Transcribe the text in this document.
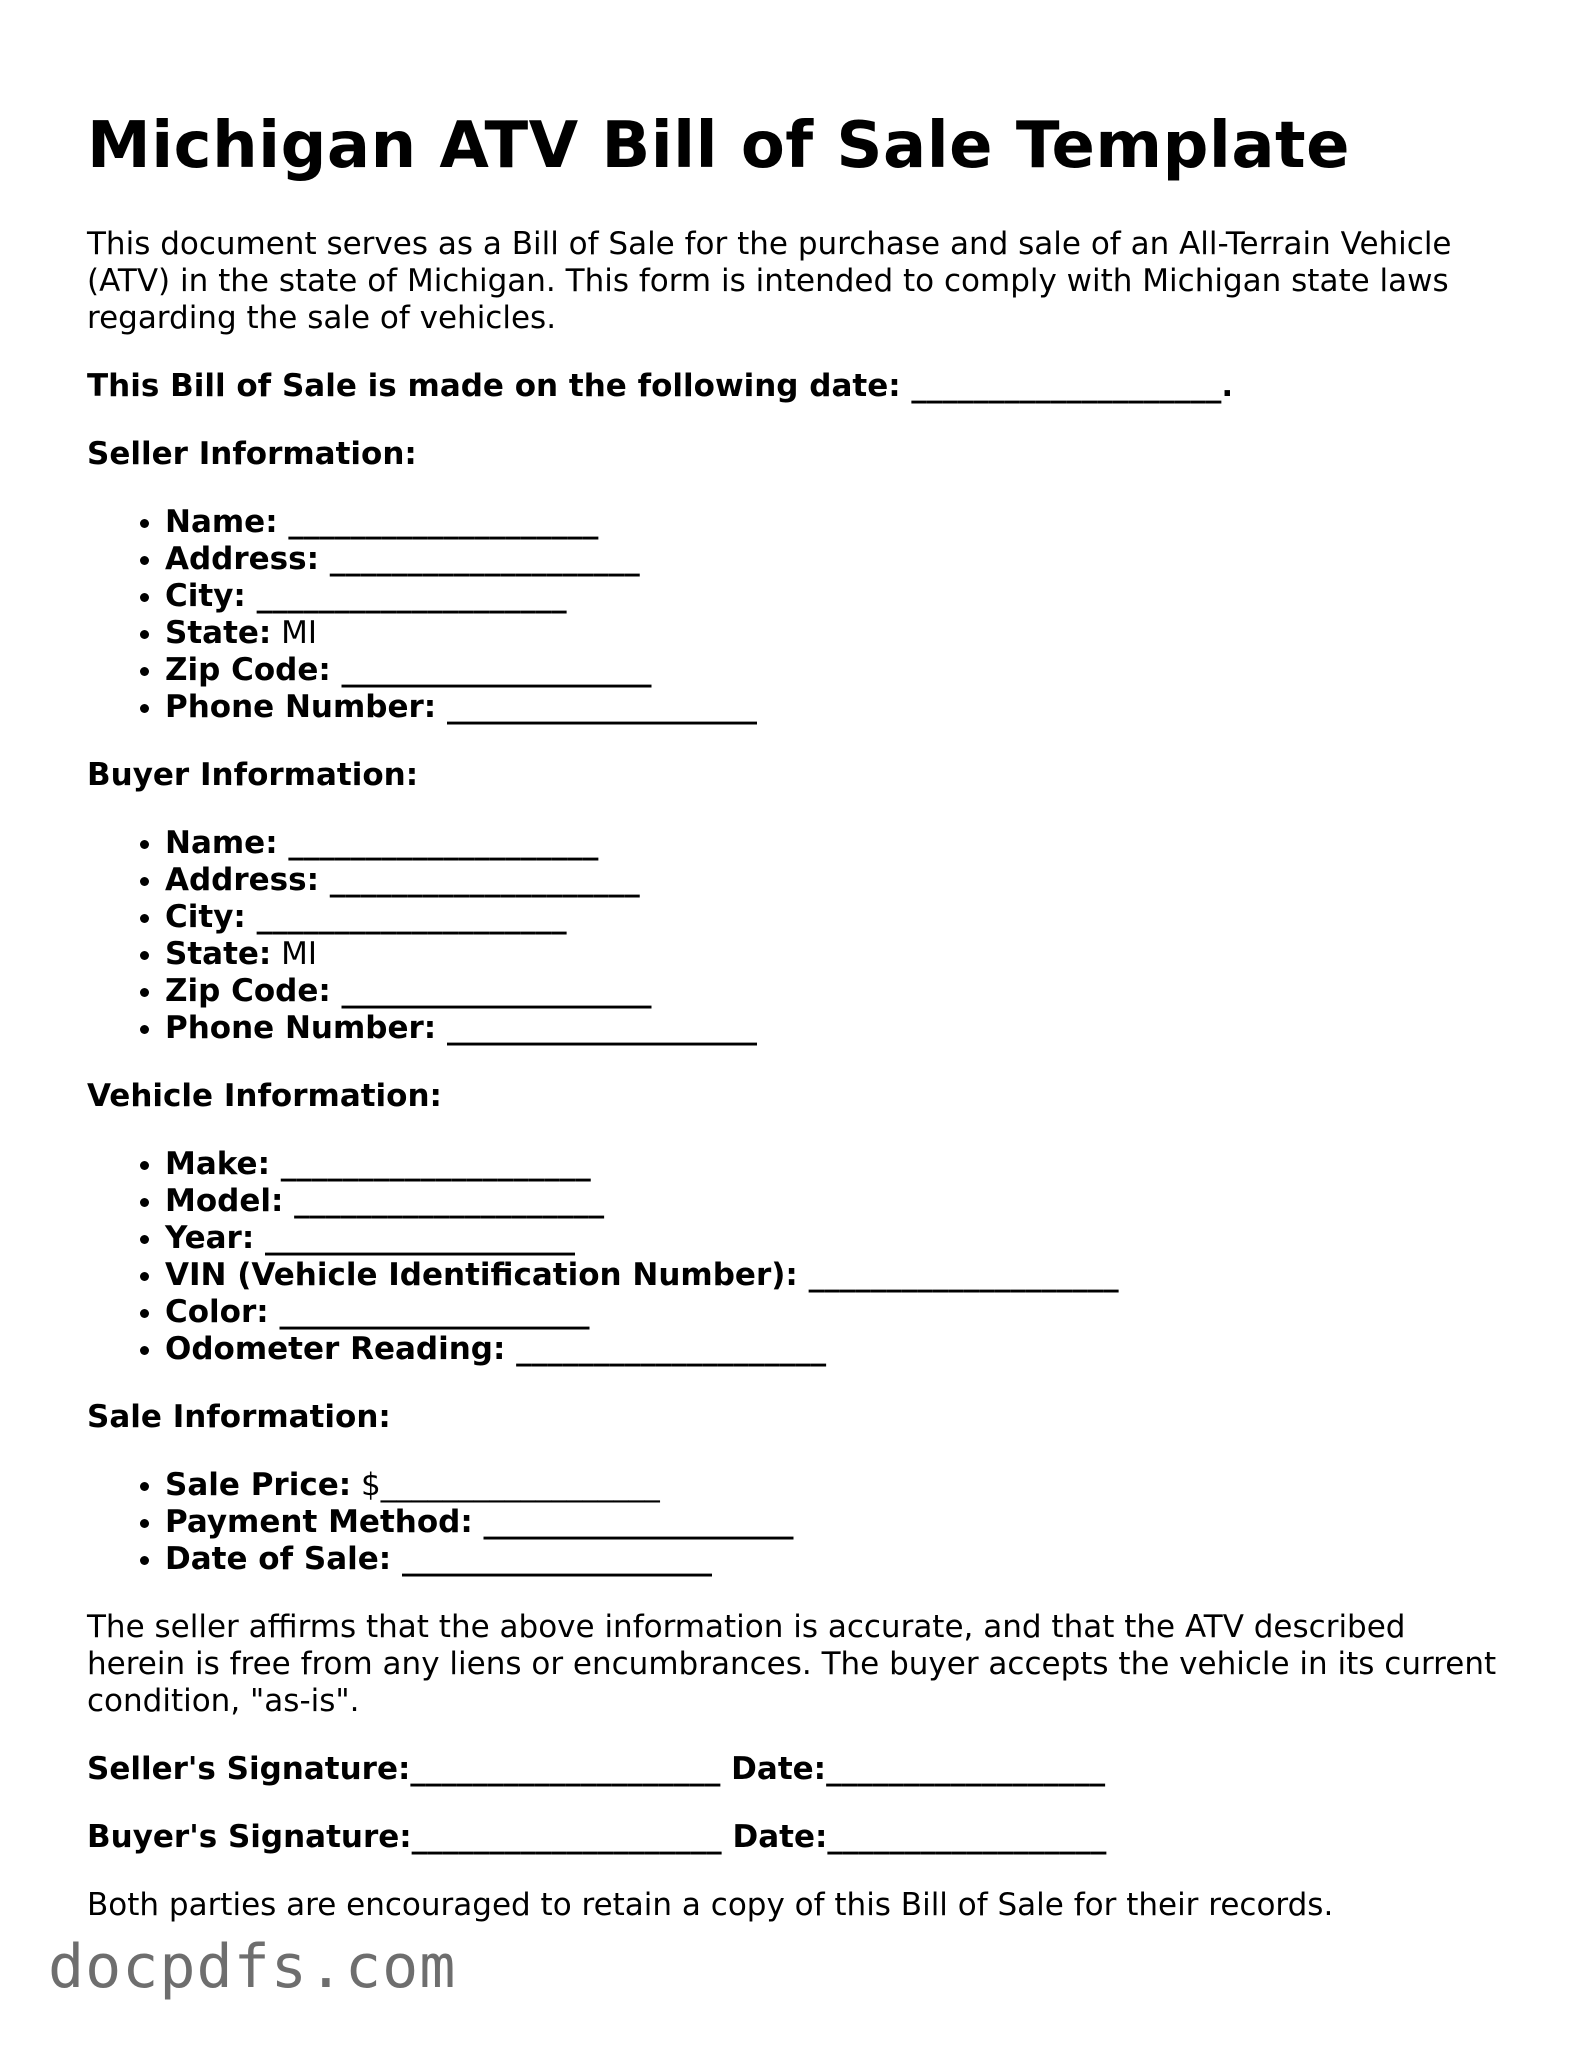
Michigan ATV Bill of Sale Template

This document serves as a Bill of Sale for the purchase and sale of an All-Terrain Vehicle (ATV) in the state of Michigan. This form is intended to comply with Michigan state laws regarding the sale of vehicles.

This Bill of Sale is made on the following date: ____________________.

Seller Information:
• Name: ____________________
• Address: ____________________
• City: ____________________
• State: MI
• Zip Code: ____________________
• Phone Number: ____________________
Buyer Information:
• Name: ____________________
• Address: ____________________
• City: ____________________
• State: MI
• Zip Code: ____________________
• Phone Number: ____________________
Vehicle Information:
• Make: ____________________
• Model: ____________________
• Year: ____________________
• VIN (Vehicle Identification Number): ____________________
• Color: ____________________
• Odometer Reading: ____________________
Sale Information:
• Sale Price: $__________________
• Payment Method: ____________________
• Date of Sale: ____________________

The seller affirms that the above information is accurate, and that the ATV described herein is free from any liens or encumbrances. The buyer accepts the vehicle in its current condition, "as-is".

Seller's Signature:____________________ Date:__________________
Buyer's Signature:____________________ Date:__________________

Both parties are encouraged to retain a copy of this Bill of Sale for their records.

docpdfs.com
